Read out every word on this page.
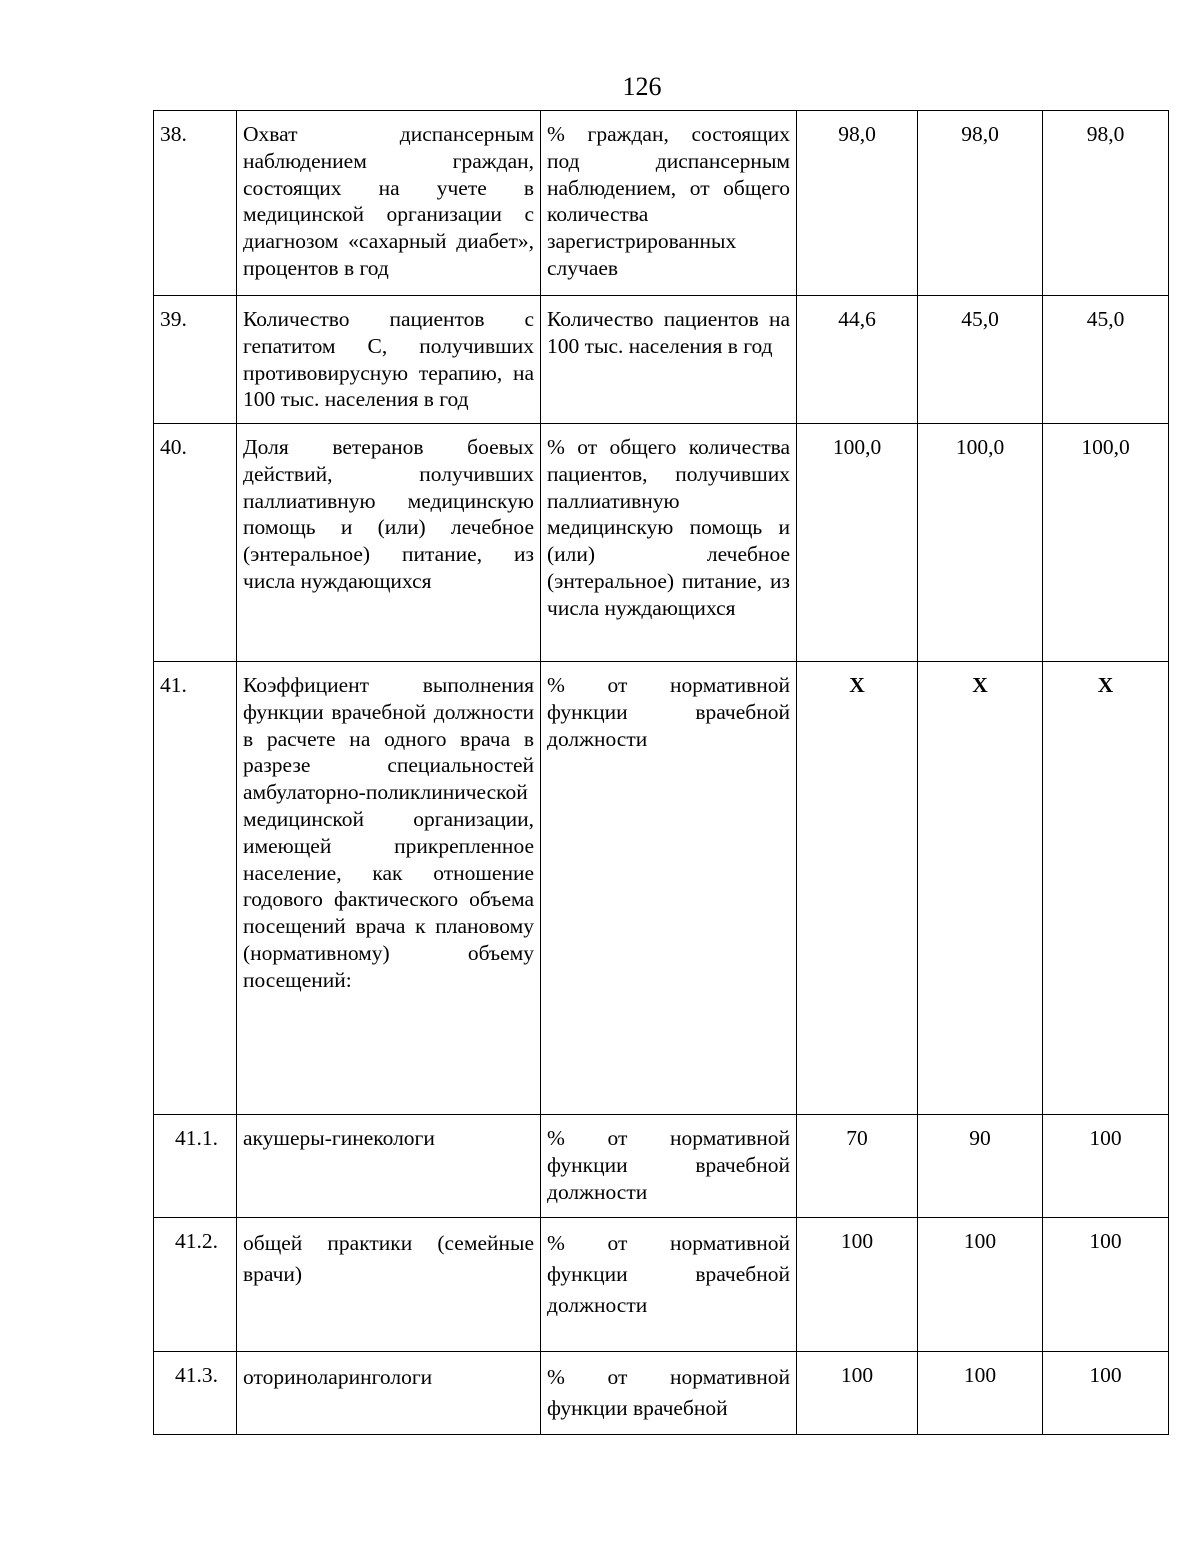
126
38.	Охват диспансерным наблюдением граждан, состоящих на учете в медицинской организации с диагнозом «сахарный диабет», процентов в год	% граждан, состоящих под диспансерным наблюдением, от общего количества зарегистрированных случаев	98,0	98,0	98,0
39.	Количество пациентов с гепатитом С, получивших противовирусную терапию, на 100 тыс. населения в год	Количество пациентов на 100 тыс. населения в год	44,6	45,0	45,0
40.	Доля ветеранов боевых действий, получивших паллиативную медицинскую помощь и (или) лечебное (энтеральное) питание, из числа нуждающихся	% от общего количества пациентов, получивших паллиативную медицинскую помощь и (или) лечебное (энтеральное) питание, из числа нуждающихся	100,0	100,0	100,0
41.	Коэффициент выполнения функции врачебной должности в расчете на одного врача в разрезе специальностей амбулаторно-поликлинической медицинской организации, имеющей прикрепленное население, как отношение годового фактического объема посещений врача к плановому (нормативному) объему посещений:	% от нормативной функции врачебной должности	X	X	X
41.1.	акушеры-гинекологи	% от нормативной функции врачебной должности	70	90	100
41.2.	общей практики (семейные врачи)	% от нормативной функции врачебной должности	100	100	100
41.3.	оториноларингологи	% от нормативной функции врачебной	100	100	100
